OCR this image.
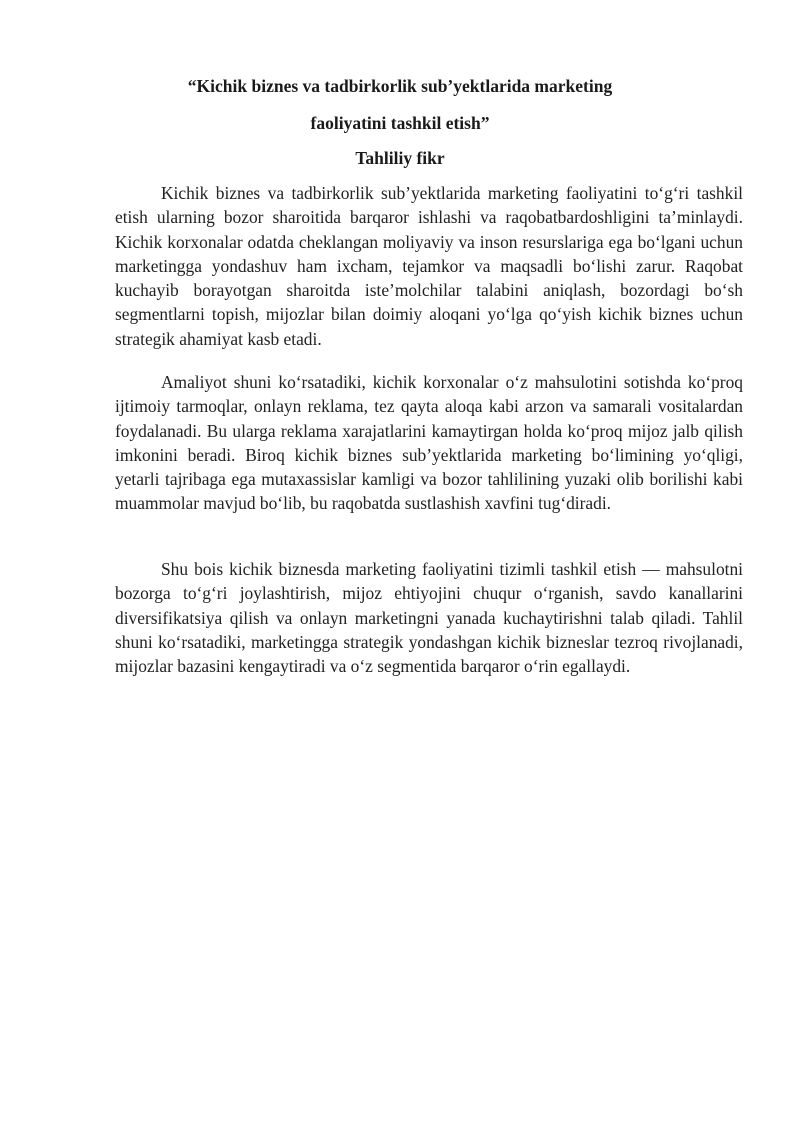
“Kichik biznes va tadbirkorlik sub’yektlarida marketing
faoliyatini tashkil etish”
Tahliliy fikr

Kichik biznes va tadbirkorlik sub’yektlarida marketing faoliyatini to‘g‘ri tashkil etish ularning bozor sharoitida barqaror ishlashi va raqobatbardoshligini ta’minlaydi. Kichik korxonalar odatda cheklangan moliyaviy va inson resurslariga ega bo‘lgani uchun marketingga yondashuv ham ixcham, tejamkor va maqsadli bo‘lishi zarur. Raqobat kuchayib borayotgan sharoitda iste’molchilar talabini aniqlash, bozordagi bo‘sh segmentlarni topish, mijozlar bilan doimiy aloqani yo‘lga qo‘yish kichik biznes uchun strategik ahamiyat kasb etadi.

Amaliyot shuni ko‘rsatadiki, kichik korxonalar o‘z mahsulotini sotishda ko‘proq ijtimoiy tarmoqlar, onlayn reklama, tez qayta aloqa kabi arzon va samarali vositalardan foydalanadi. Bu ularga reklama xarajatlarini kamaytirgan holda ko‘proq mijoz jalb qilish imkonini beradi. Biroq kichik biznes sub’yektlarida marketing bo‘limining yo‘qligi, yetarli tajribaga ega mutaxassislar kamligi va bozor tahlilining yuzaki olib borilishi kabi muammolar mavjud bo‘lib, bu raqobatda sustlashish xavfini tug‘diradi.

Shu bois kichik biznesda marketing faoliyatini tizimli tashkil etish — mahsulotni bozorga to‘g‘ri joylashtirish, mijoz ehtiyojini chuqur o‘rganish, savdo kanallarini diversifikatsiya qilish va onlayn marketingni yanada kuchaytirishni talab qiladi. Tahlil shuni ko‘rsatadiki, marketingga strategik yondashgan kichik bizneslar tezroq rivojlanadi, mijozlar bazasini kengaytiradi va o‘z segmentida barqaror o‘rin egallaydi.
